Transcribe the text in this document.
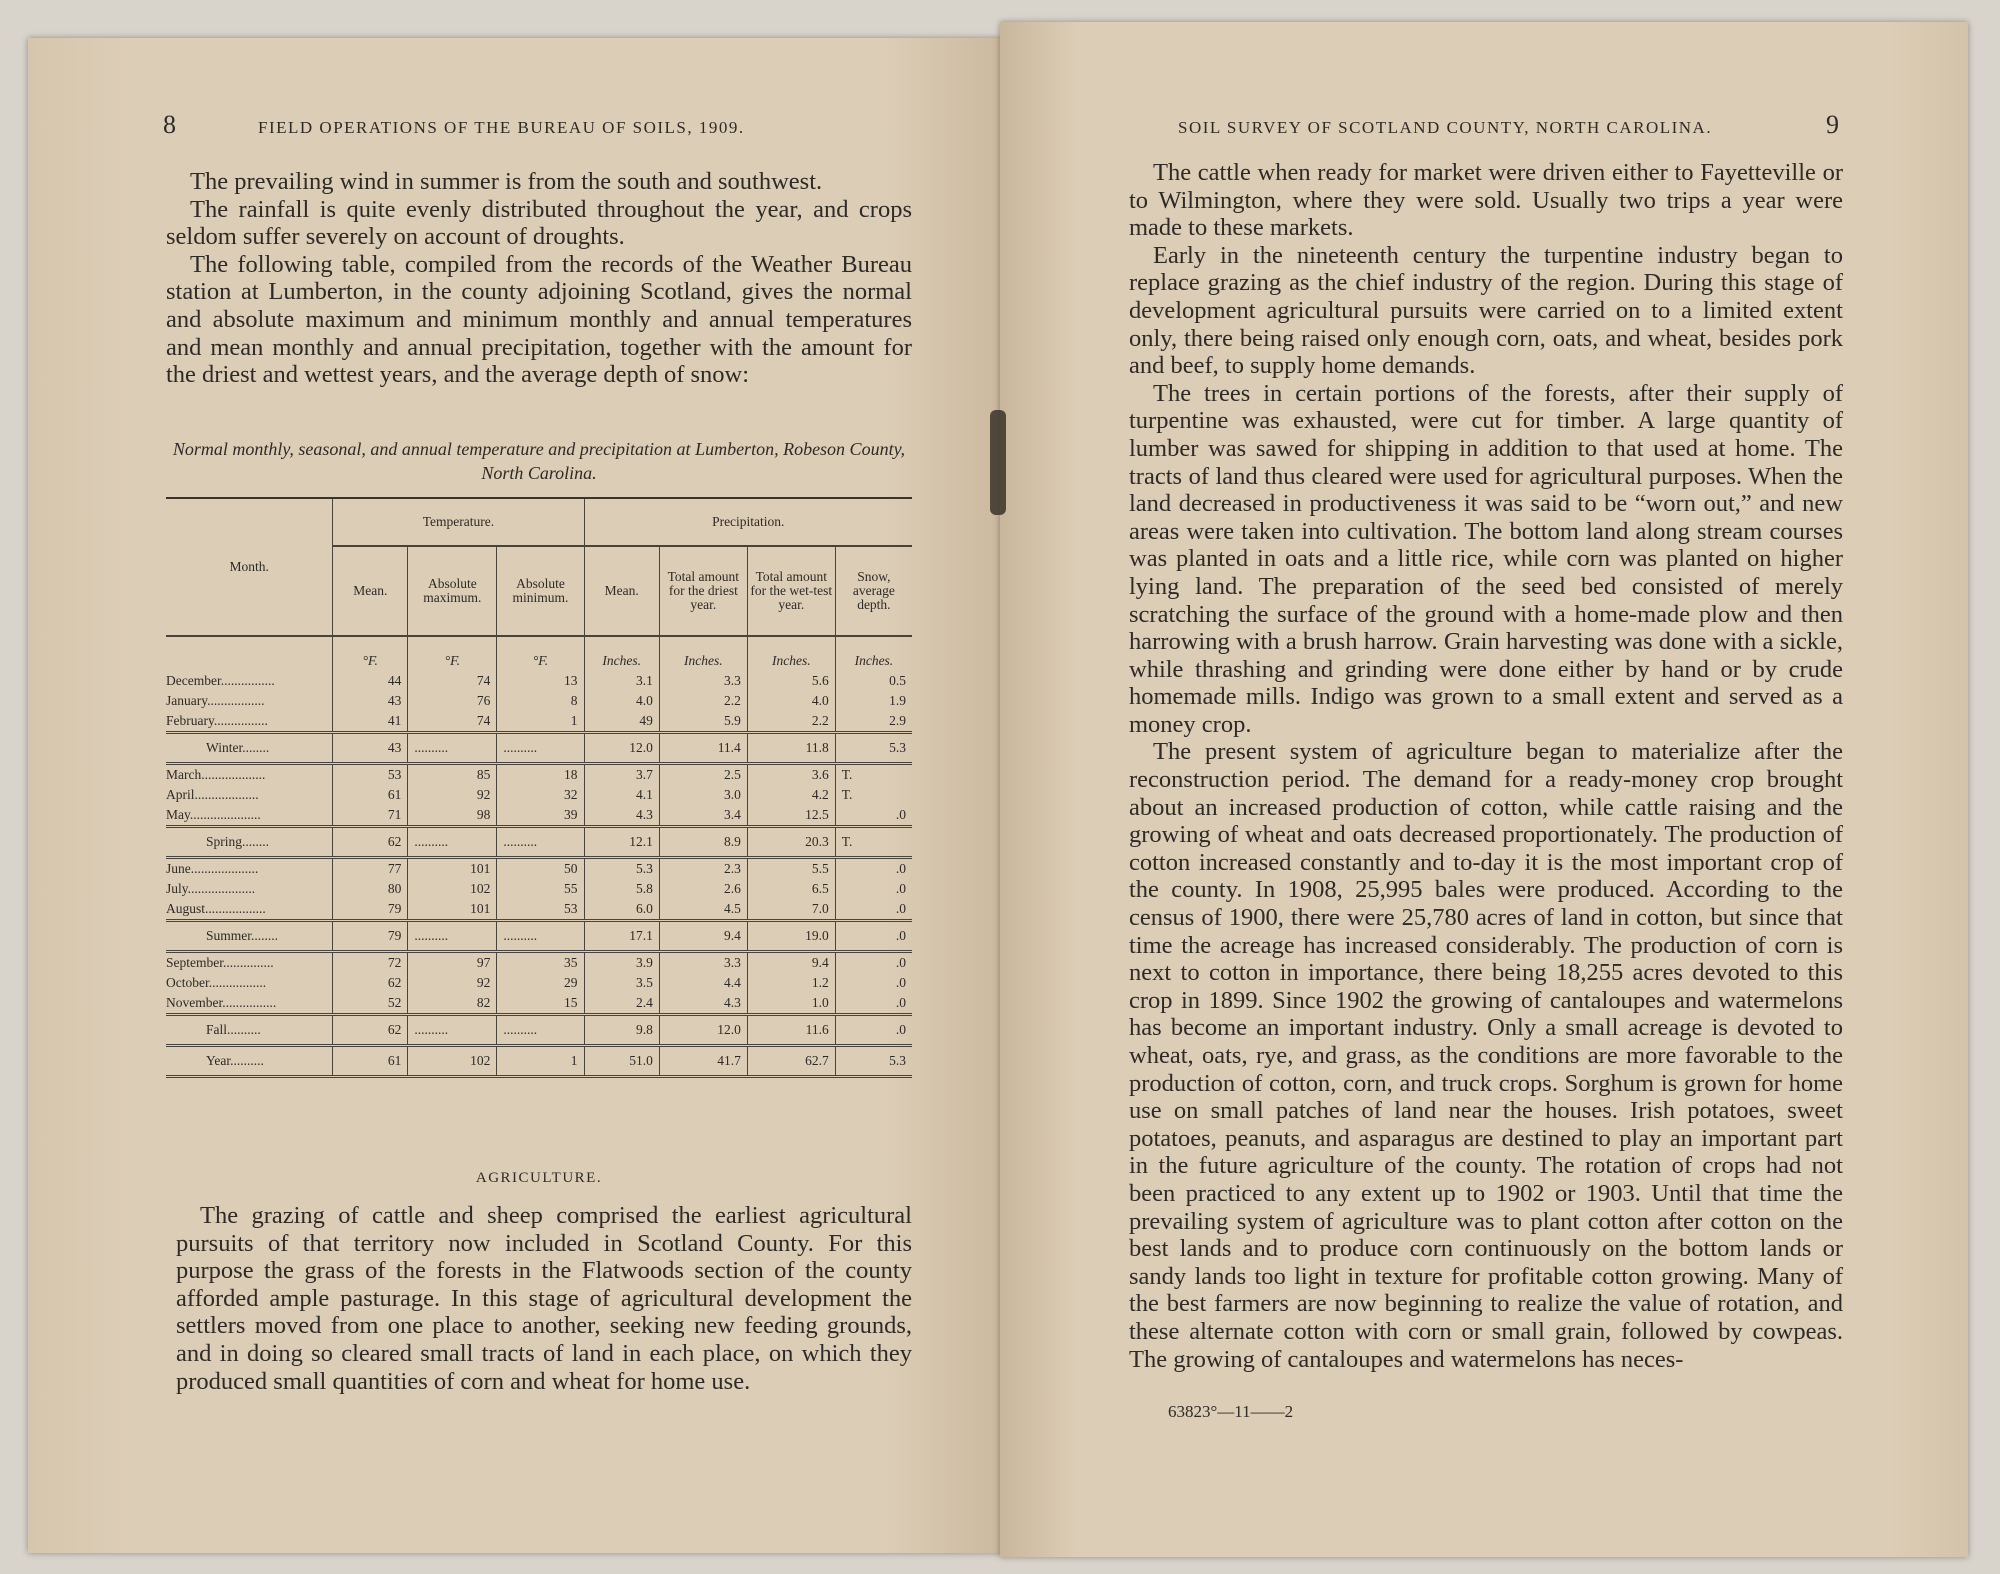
8	FIELD OPERATIONS OF THE BUREAU OF SOILS, 1909.	SOIL SURVEY OF SCOTLAND COUNTY, NORTH CAROLINA.	9

The prevailing wind in summer is from the south and southwest.

The rainfall is quite evenly distributed throughout the year, and crops seldom suffer severely on account of droughts.

The following table, compiled from the records of the Weather Bureau station at Lumberton, in the county adjoining Scotland, gives the normal and absolute maximum and minimum monthly and annual temperatures and mean monthly and annual precipitation, together with the amount for the driest and wettest years, and the average depth of snow:

Normal monthly, seasonal, and annual temperature and precipitation at Lumberton, Robeson County, North Carolina.
Month.	Temperature.			Precipitation.			
	Mean.	Absolute maximum.	Absolute minimum.	Mean.	Total amount for the driest year.	Total amount for the wet-test year.	Snow, average depth.
	°F.	°F.	°F.	Inches.	Inches.	Inches.	Inches.
December................	44	74	13	3.1	3.3	5.6	0.5
January.................	43	76	8	4.0	2.2	4.0	1.9
February................	41	74	1	49	5.9	2.2	2.9
Winter........	43	..........	..........	12.0	11.4	11.8	5.3
March...................	53	85	18	3.7	2.5	3.6	T.
April...................	61	92	32	4.1	3.0	4.2	T.
May.....................	71	98	39	4.3	3.4	12.5	.0
Spring........	62	..........	..........	12.1	8.9	20.3	T.
June....................	77	101	50	5.3	2.3	5.5	.0
July....................	80	102	55	5.8	2.6	6.5	.0
August..................	79	101	53	6.0	4.5	7.0	.0
Summer........	79	..........	..........	17.1	9.4	19.0	.0
September...............	72	97	35	3.9	3.3	9.4	.0
October.................	62	92	29	3.5	4.4	1.2	.0
November................	52	82	15	2.4	4.3	1.0	.0
Fall..........	62	..........	..........	9.8	12.0	11.6	.0
Year..........	61	102	1	51.0	41.7	62.7	5.3
AGRICULTURE.

The grazing of cattle and sheep comprised the earliest agricultural pursuits of that territory now included in Scotland County. For this purpose the grass of the forests in the Flatwoods section of the county afforded ample pasturage. In this stage of agricultural development the settlers moved from one place to another, seeking new feeding grounds, and in doing so cleared small tracts of land in each place, on which they produced small quantities of corn and wheat for home use.

The cattle when ready for market were driven either to Fayetteville or to Wilmington, where they were sold. Usually two trips a year were made to these markets.

Early in the nineteenth century the turpentine industry began to replace grazing as the chief industry of the region. During this stage of development agricultural pursuits were carried on to a limited extent only, there being raised only enough corn, oats, and wheat, besides pork and beef, to supply home demands.

The trees in certain portions of the forests, after their supply of turpentine was exhausted, were cut for timber. A large quantity of lumber was sawed for shipping in addition to that used at home. The tracts of land thus cleared were used for agricultural purposes. When the land decreased in productiveness it was said to be “worn out,” and new areas were taken into cultivation. The bottom land along stream courses was planted in oats and a little rice, while corn was planted on higher lying land. The preparation of the seed bed consisted of merely scratching the surface of the ground with a home-made plow and then harrowing with a brush harrow. Grain harvesting was done with a sickle, while thrashing and grinding were done either by hand or by crude homemade mills. Indigo was grown to a small extent and served as a money crop.

The present system of agriculture began to materialize after the reconstruction period. The demand for a ready-money crop brought about an increased production of cotton, while cattle raising and the growing of wheat and oats decreased proportionately. The production of cotton increased constantly and to-day it is the most important crop of the county. In 1908, 25,995 bales were produced. According to the census of 1900, there were 25,780 acres of land in cotton, but since that time the acreage has increased considerably. The production of corn is next to cotton in importance, there being 18,255 acres devoted to this crop in 1899. Since 1902 the growing of cantaloupes and watermelons has become an important industry. Only a small acreage is devoted to wheat, oats, rye, and grass, as the conditions are more favorable to the production of cotton, corn, and truck crops. Sorghum is grown for home use on small patches of land near the houses. Irish potatoes, sweet potatoes, peanuts, and asparagus are destined to play an important part in the future agriculture of the county. The rotation of crops had not been practiced to any extent up to 1902 or 1903. Until that time the prevailing system of agriculture was to plant cotton after cotton on the best lands and to produce corn continuously on the bottom lands or sandy lands too light in texture for profitable cotton growing. Many of the best farmers are now beginning to realize the value of rotation, and these alternate cotton with corn or small grain, followed by cowpeas. The growing of cantaloupes and watermelons has neces-

63823°—11——2
